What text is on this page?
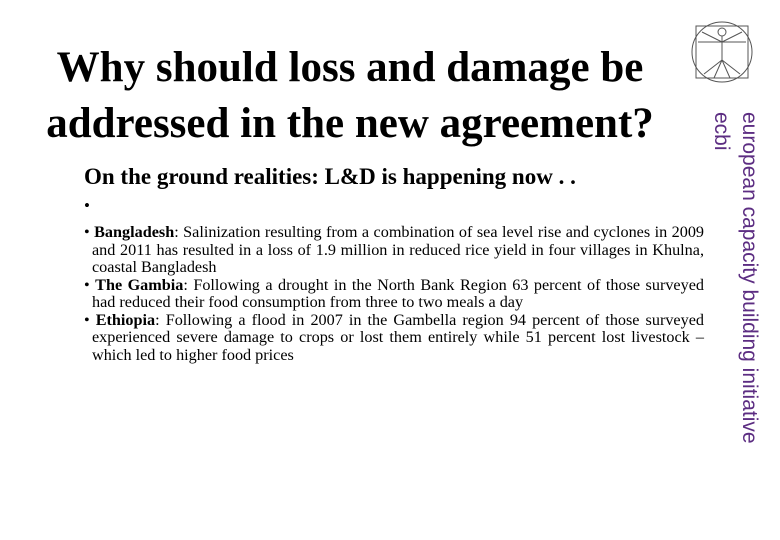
Why should loss and damage be
addressed in the new agreement?

On the ground realities: L&D is happening now . .

•
• Bangladesh: Salinization resulting from a combination of sea level rise and cyclones in 2009 and 2011 has resulted in a loss of 1.9 million in reduced rice yield in four villages in Khulna, coastal Bangladesh
• The Gambia: Following a drought in the North Bank Region 63 percent of those surveyed had reduced their food consumption from three to two meals a day
• Ethiopia: Following a flood in 2007 in the Gambella region 94 percent of those surveyed experienced severe damage to crops or lost them entirely while 51 percent lost livestock – which led to higher food prices	european capacity building initiative
ecbi
